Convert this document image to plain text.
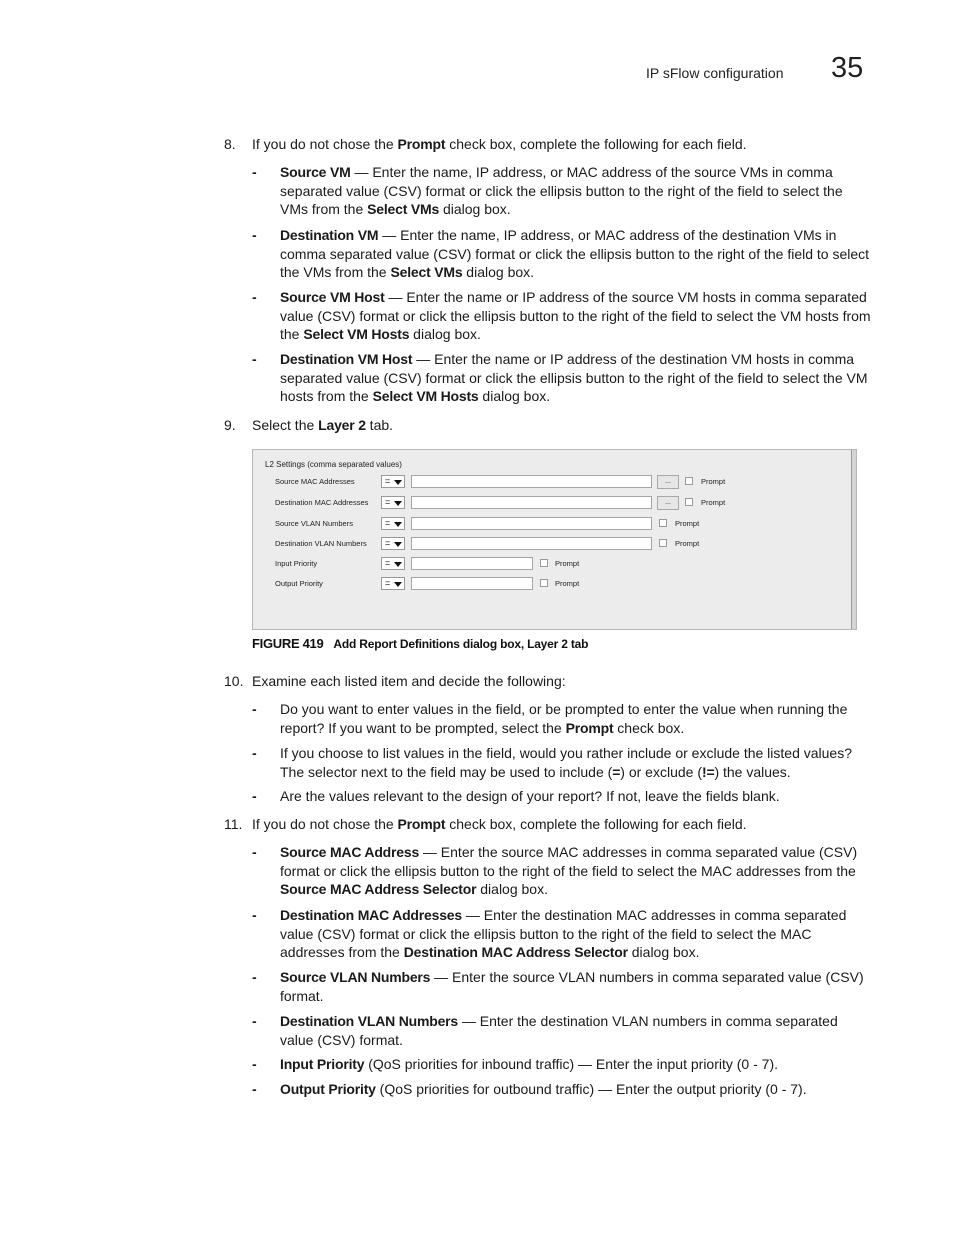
IP sFlow configuration 35
8. If you do not chose the Prompt check box, complete the following for each field.
- Source VM — Enter the name, IP address, or MAC address of the source VMs in comma separated value (CSV) format or click the ellipsis button to the right of the field to select the VMs from the Select VMs dialog box.
- Destination VM — Enter the name, IP address, or MAC address of the destination VMs in comma separated value (CSV) format or click the ellipsis button to the right of the field to select the VMs from the Select VMs dialog box.
- Source VM Host — Enter the name or IP address of the source VM hosts in comma separated value (CSV) format or click the ellipsis button to the right of the field to select the VM hosts from the Select VM Hosts dialog box.
- Destination VM Host — Enter the name or IP address of the destination VM hosts in comma separated value (CSV) format or click the ellipsis button to the right of the field to select the VM hosts from the Select VM Hosts dialog box.
9. Select the Layer 2 tab.
L2 Settings (comma separated values)
Source MAC Addresses	=	...	Prompt
Destination MAC Addresses	=	...	Prompt
Source VLAN Numbers	=	Prompt
Destination VLAN Numbers	=	Prompt
Input Priority	=	Prompt
Output Priority	=	Prompt
FIGURE 419 Add Report Definitions dialog box, Layer 2 tab
10. Examine each listed item and decide the following:
- Do you want to enter values in the field, or be prompted to enter the value when running the report? If you want to be prompted, select the Prompt check box.
- If you choose to list values in the field, would you rather include or exclude the listed values? The selector next to the field may be used to include (=) or exclude (!=) the values.
- Are the values relevant to the design of your report? If not, leave the fields blank.
11. If you do not chose the Prompt check box, complete the following for each field.
- Source MAC Address — Enter the source MAC addresses in comma separated value (CSV) format or click the ellipsis button to the right of the field to select the MAC addresses from the Source MAC Address Selector dialog box.
- Destination MAC Addresses — Enter the destination MAC addresses in comma separated value (CSV) format or click the ellipsis button to the right of the field to select the MAC addresses from the Destination MAC Address Selector dialog box.
- Source VLAN Numbers — Enter the source VLAN numbers in comma separated value (CSV) format.
- Destination VLAN Numbers — Enter the destination VLAN numbers in comma separated value (CSV) format.
- Input Priority (QoS priorities for inbound traffic) — Enter the input priority (0 - 7).
- Output Priority (QoS priorities for outbound traffic) — Enter the output priority (0 - 7).
